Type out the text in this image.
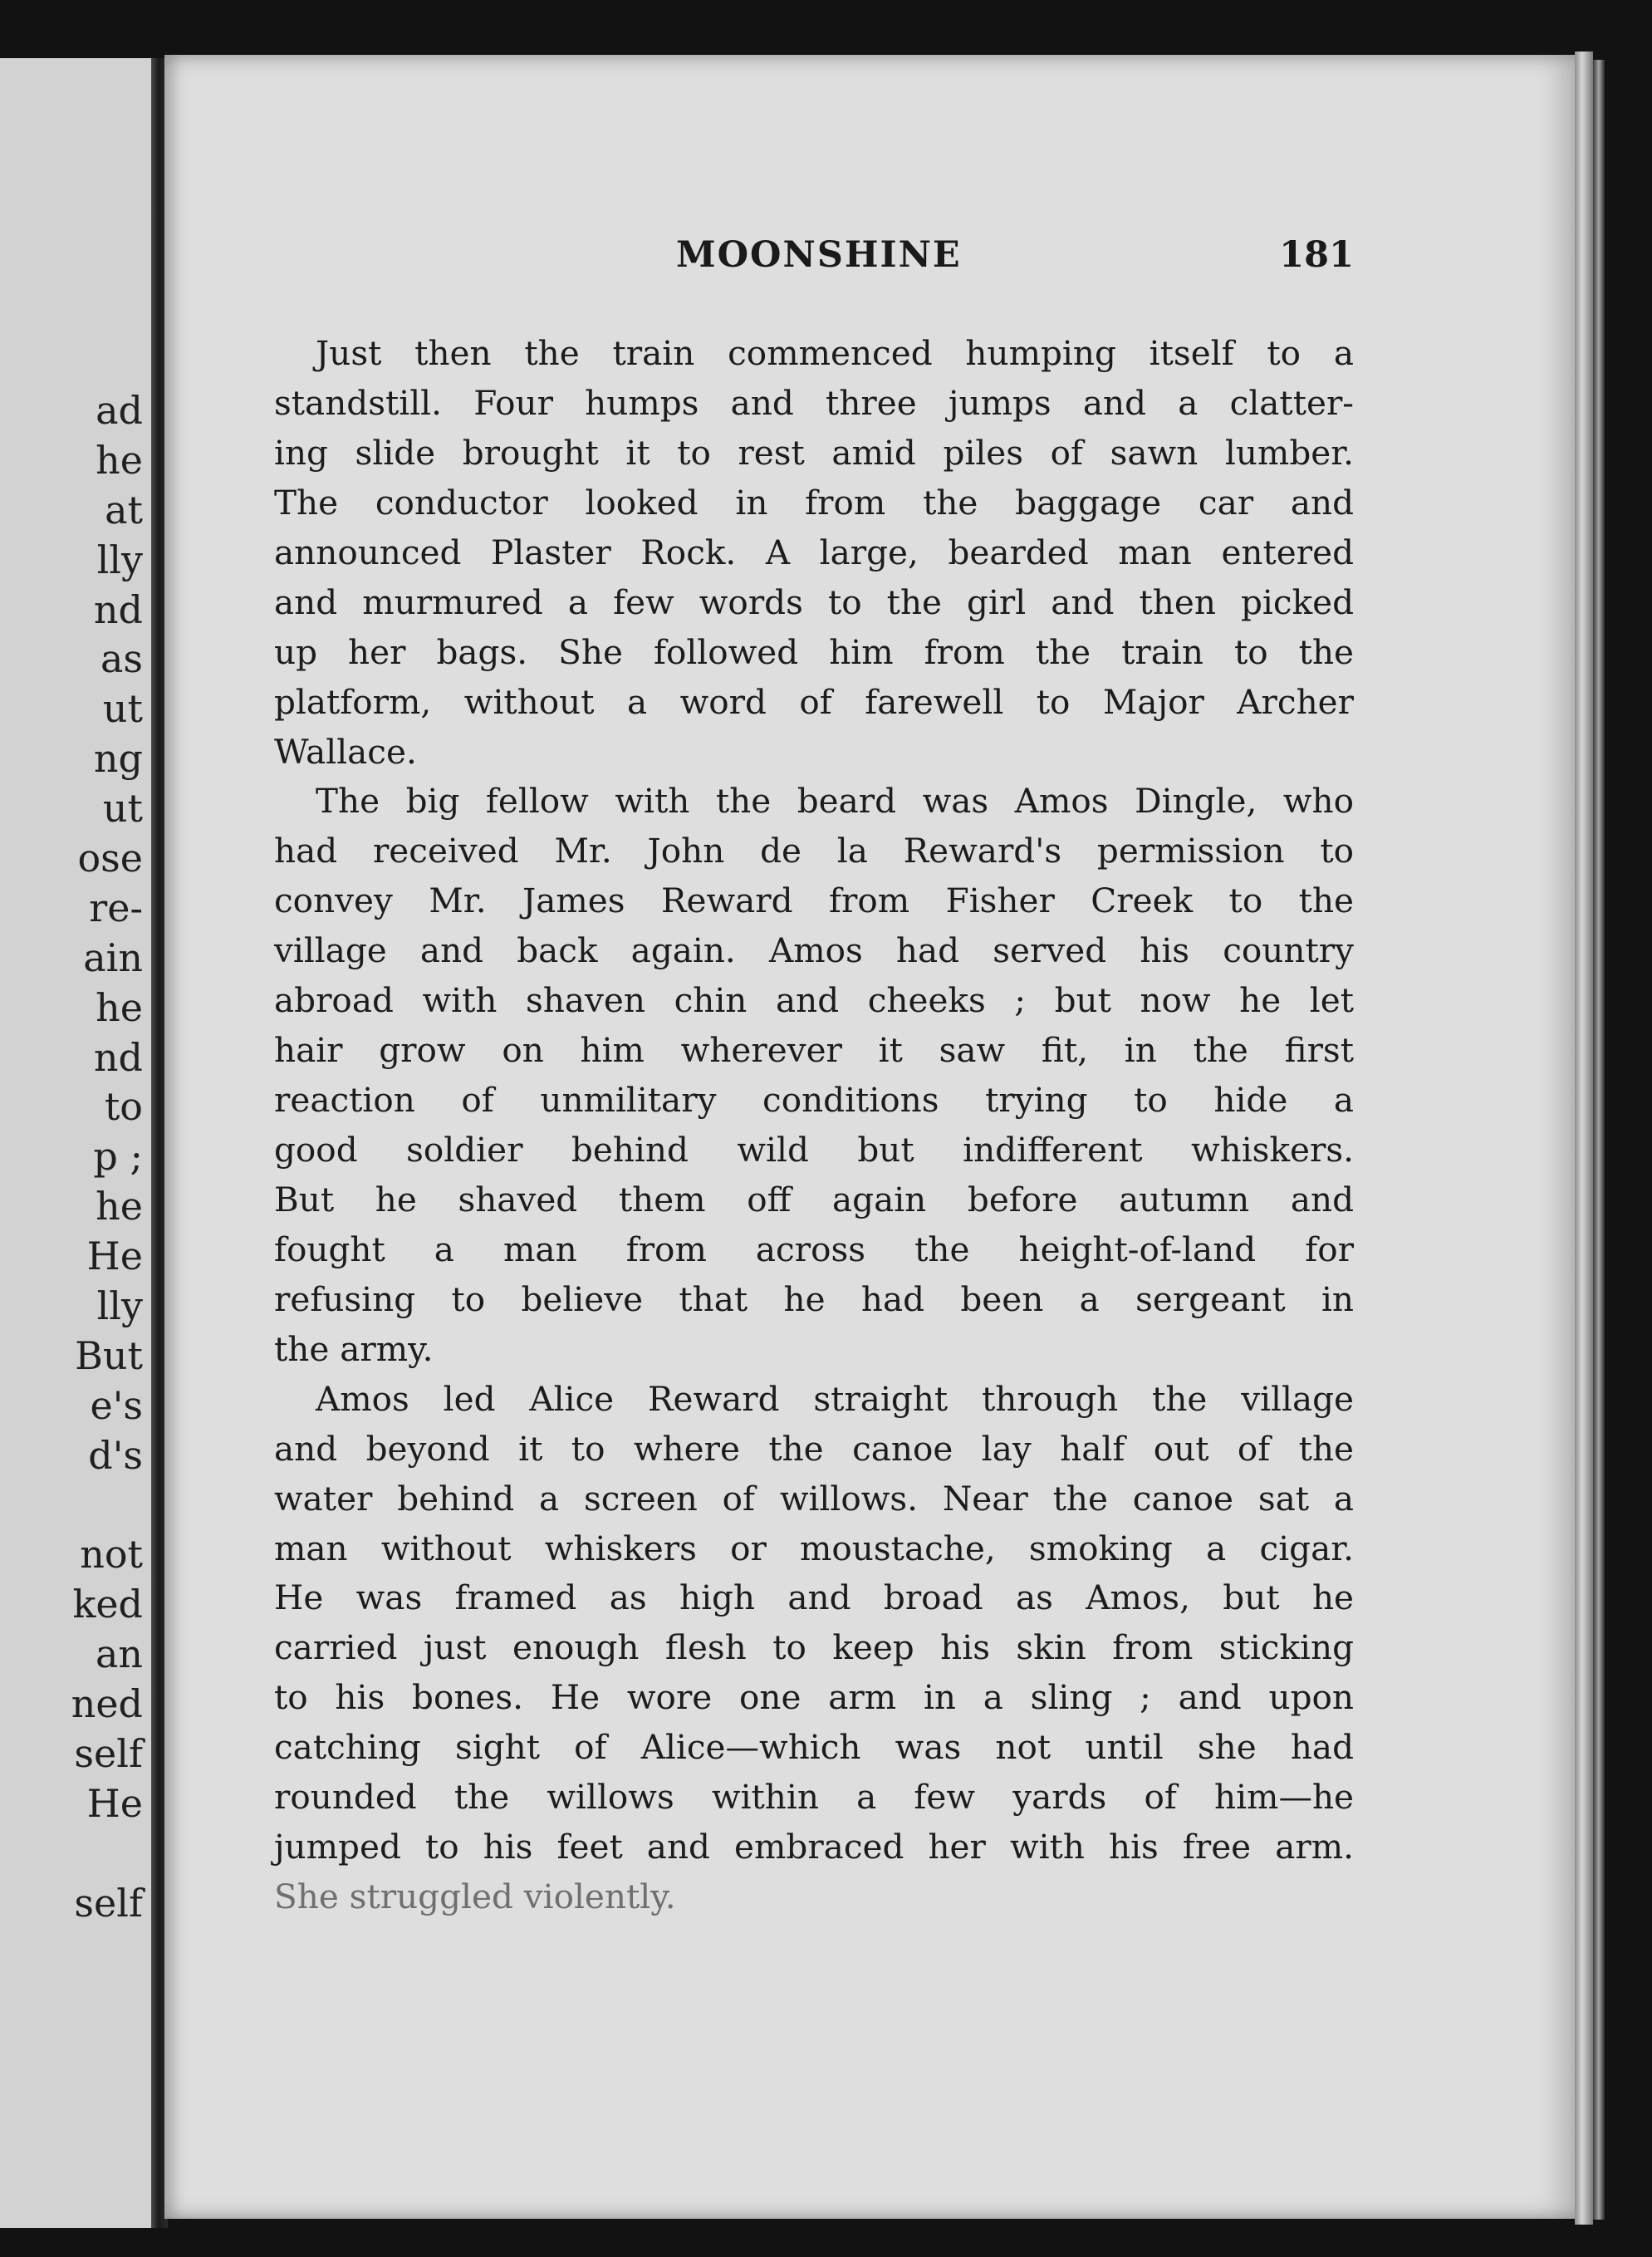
ad
he
at
lly
nd
as
ut
ng
ut
ose
re-
ain
he
nd
to
p ;
he
He
lly
But
e's
d's
not
ked
an
ned
self
He
self
MOONSHINE	181
Just then the train commenced humping itself to a
standstill. Four humps and three jumps and a clatter-
ing slide brought it to rest amid piles of sawn lumber.
The conductor looked in from the baggage car and
announced Plaster Rock. A large, bearded man entered
and murmured a few words to the girl and then picked
up her bags. She followed him from the train to the
platform, without a word of farewell to Major Archer
Wallace.
The big fellow with the beard was Amos Dingle, who
had received Mr. John de la Reward's permission to
convey Mr. James Reward from Fisher Creek to the
village and back again. Amos had served his country
abroad with shaven chin and cheeks ; but now he let
hair grow on him wherever it saw fit, in the first
reaction of unmilitary conditions trying to hide a
good soldier behind wild but indifferent whiskers.
But he shaved them off again before autumn and
fought a man from across the height-of-land for
refusing to believe that he had been a sergeant in
the army.
Amos led Alice Reward straight through the village
and beyond it to where the canoe lay half out of the
water behind a screen of willows. Near the canoe sat a
man without whiskers or moustache, smoking a cigar.
He was framed as high and broad as Amos, but he
carried just enough flesh to keep his skin from sticking
to his bones. He wore one arm in a sling ; and upon
catching sight of Alice—which was not until she had
rounded the willows within a few yards of him—he
jumped to his feet and embraced her with his free arm.
She struggled violently.
